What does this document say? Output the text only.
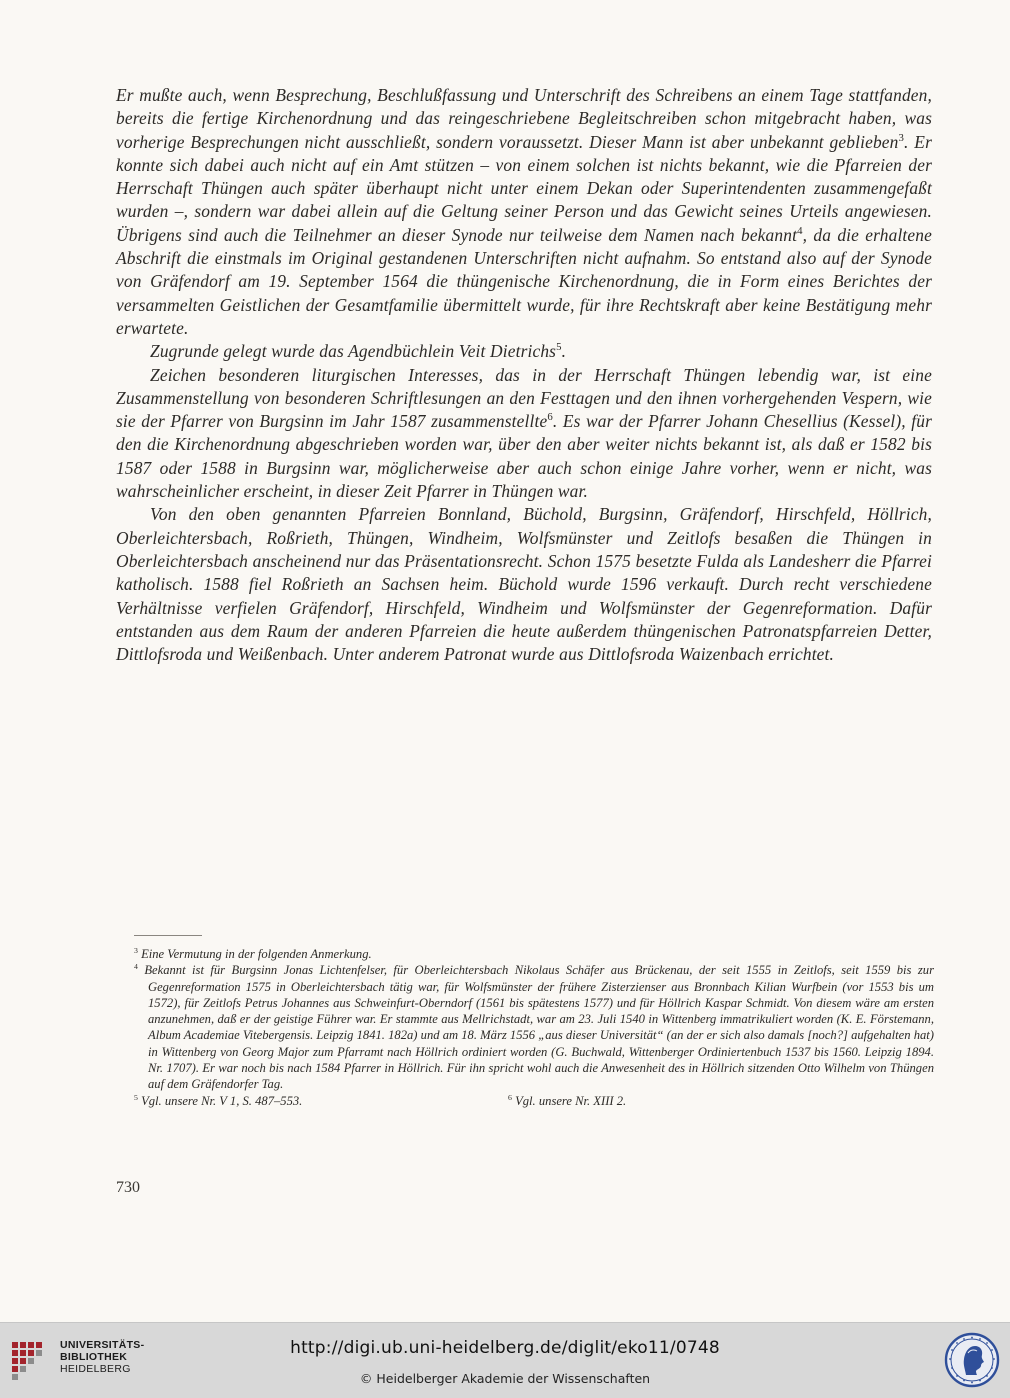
Er mußte auch, wenn Besprechung, Beschlußfassung und Unterschrift des Schreibens an einem Tage stattfanden, bereits die fertige Kirchenordnung und das reingeschriebene Begleitschreiben schon mitgebracht haben, was vorherige Besprechungen nicht ausschließt, sondern voraussetzt. Dieser Mann ist aber unbekannt geblieben$^3$. Er konnte sich dabei auch nicht auf ein Amt stützen – von einem solchen ist nichts bekannt, wie die Pfarreien der Herrschaft Thüngen auch später überhaupt nicht unter einem Dekan oder Superintendenten zusammengefaßt wurden –, sondern war dabei allein auf die Geltung seiner Person und das Gewicht seines Urteils angewiesen. Übrigens sind auch die Teilnehmer an dieser Synode nur teilweise dem Namen nach bekannt$^4$, da die erhaltene Abschrift die einstmals im Original gestandenen Unterschriften nicht aufnahm. So entstand also auf der Synode von Gräfendorf am 19. September 1564 die thüngenische Kirchenordnung, die in Form eines Berichtes der versammelten Geistlichen der Gesamtfamilie übermittelt wurde, für ihre Rechtskraft aber keine Bestätigung mehr erwartete.

Zugrunde gelegt wurde das Agendbüchlein Veit Dietrichs$^5$.

Zeichen besonderen liturgischen Interesses, das in der Herrschaft Thüngen lebendig war, ist eine Zusammenstellung von besonderen Schriftlesungen an den Festtagen und den ihnen vorhergehenden Vespern, wie sie der Pfarrer von Burgsinn im Jahr 1587 zusammenstellte$^6$. Es war der Pfarrer Johann Chesellius (Kessel), für den die Kirchenordnung abgeschrieben worden war, über den aber weiter nichts bekannt ist, als daß er 1582 bis 1587 oder 1588 in Burgsinn war, möglicherweise aber auch schon einige Jahre vorher, wenn er nicht, was wahrscheinlicher erscheint, in dieser Zeit Pfarrer in Thüngen war.

Von den oben genannten Pfarreien Bonnland, Büchold, Burgsinn, Gräfendorf, Hirschfeld, Höllrich, Oberleichtersbach, Roßrieth, Thüngen, Windheim, Wolfsmünster und Zeitlofs besaßen die Thüngen in Oberleichtersbach anscheinend nur das Präsentationsrecht. Schon 1575 besetzte Fulda als Landesherr die Pfarrei katholisch. 1588 fiel Roßrieth an Sachsen heim. Büchold wurde 1596 verkauft. Durch recht verschiedene Verhältnisse verfielen Gräfendorf, Hirschfeld, Windheim und Wolfsmünster der Gegenreformation. Dafür entstanden aus dem Raum der anderen Pfarreien die heute außerdem thüngenischen Patronatspfarreien Detter, Dittlofsroda und Weißenbach. Unter anderem Patronat wurde aus Dittlofsroda Waizenbach errichtet.

$^3$ Eine Vermutung in der folgenden Anmerkung.

$^4$ Bekannt ist für Burgsinn Jonas Lichtenfelser, für Oberleichtersbach Nikolaus Schäfer aus Brückenau, der seit 1555 in Zeitlofs, seit 1559 bis zur Gegenreformation 1575 in Oberleichtersbach tätig war, für Wolfsmünster der frühere Zisterzienser aus Bronnbach Kilian Wurfbein (vor 1553 bis um 1572), für Zeitlofs Petrus Johannes aus Schweinfurt-Oberndorf (1561 bis spätestens 1577) und für Höllrich Kaspar Schmidt. Von diesem wäre am ersten anzunehmen, daß er der geistige Führer war. Er stammte aus Mellrichstadt, war am 23. Juli 1540 in Wittenberg immatrikuliert worden (K. E. Förstemann, Album Academiae Vitebergensis. Leipzig 1841. 182a) und am 18. März 1556 „aus dieser Universität“ (an der er sich also damals [noch?] aufgehalten hat) in Wittenberg von Georg Major zum Pfarramt nach Höllrich ordiniert worden (G. Buchwald, Wittenberger Ordiniertenbuch 1537 bis 1560. Leipzig 1894. Nr. 1707). Er war noch bis nach 1584 Pfarrer in Höllrich. Für ihn spricht wohl auch die Anwesenheit des in Höllrich sitzenden Otto Wilhelm von Thüngen auf dem Gräfendorfer Tag.

$^5$ Vgl. unsere Nr. V 1, S. 487–553.	$^6$ Vgl. unsere Nr. XIII 2.

730
UNIVERSITÄTS-
BIBLIOTHEK
HEIDELBERG
http://digi.ub.uni-heidelberg.de/diglit/eko11/0748
© Heidelberger Akademie der Wissenschaften
